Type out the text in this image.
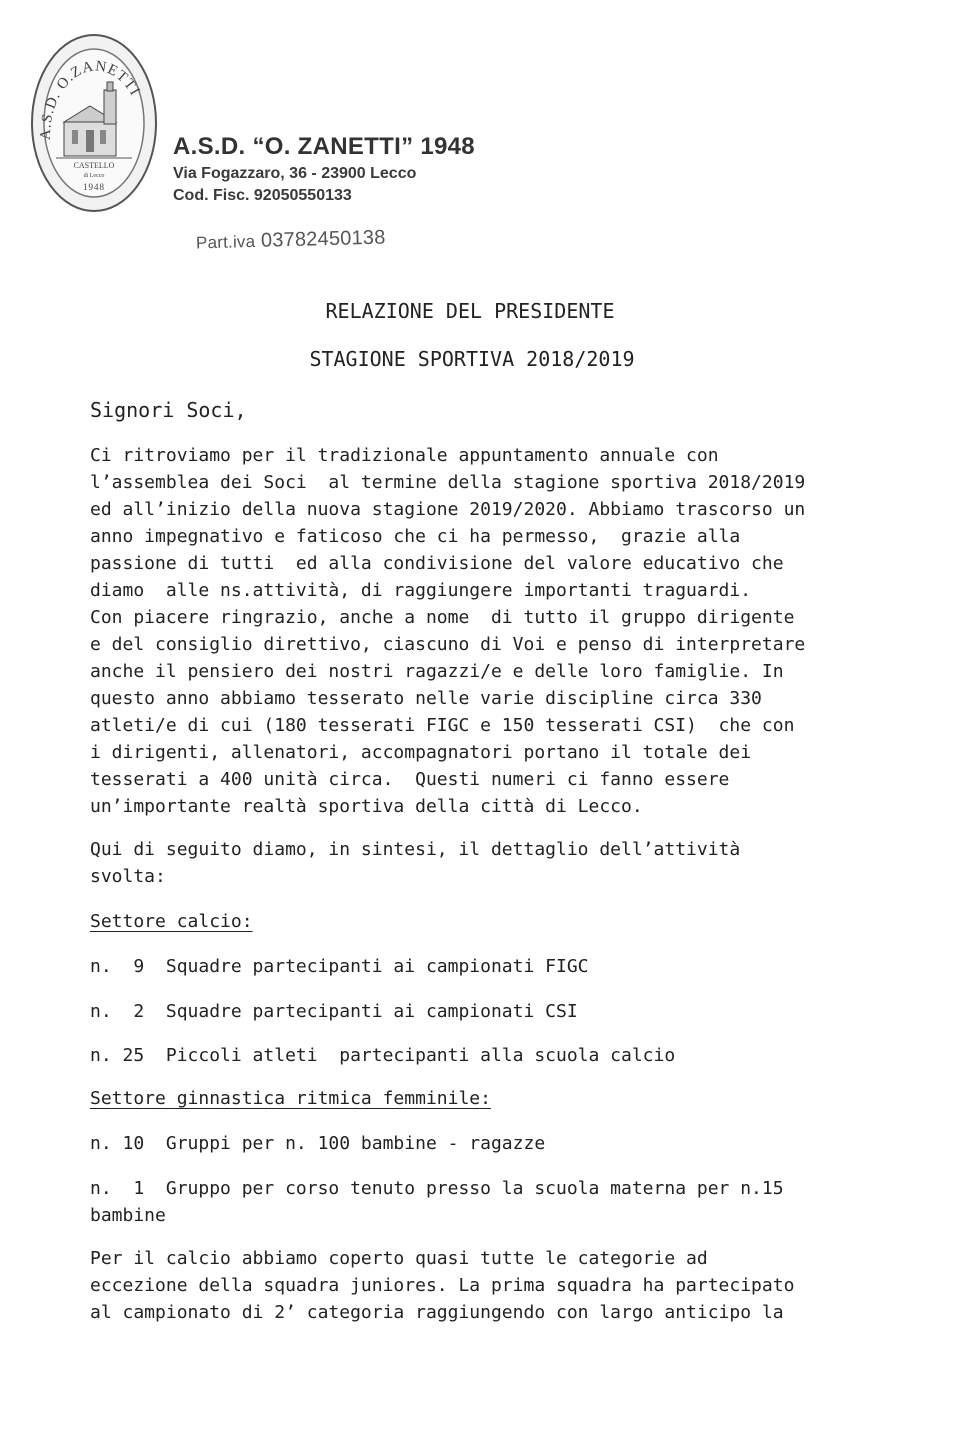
A.S.D. O.ZANETTI
CASTELLO
di Lecco
1948

A.S.D. “O. ZANETTI” 1948

Via Fogazzaro, 36 - 23900 Lecco

Cod. Fisc. 92050550133

Part.iva 03782450138
RELAZIONE DEL PRESIDENTE
STAGIONE SPORTIVA 2018/2019

Signori Soci,

Ci ritroviamo per il tradizionale appuntamento annuale con
l’assemblea dei Soci  al termine della stagione sportiva 2018/2019
ed all’inizio della nuova stagione 2019/2020. Abbiamo trascorso un
anno impegnativo e faticoso che ci ha permesso,  grazie alla
passione di tutti  ed alla condivisione del valore educativo che
diamo  alle ns.attività, di raggiungere importanti traguardi.
Con piacere ringrazio, anche a nome  di tutto il gruppo dirigente
e del consiglio direttivo, ciascuno di Voi e penso di interpretare
anche il pensiero dei nostri ragazzi/e e delle loro famiglie. In
questo anno abbiamo tesserato nelle varie discipline circa 330
atleti/e di cui (180 tesserati FIGC e 150 tesserati CSI)  che con
i dirigenti, allenatori, accompagnatori portano il totale dei
tesserati a 400 unità circa.  Questi numeri ci fanno essere
un’importante realtà sportiva della città di Lecco.

Qui di seguito diamo, in sintesi, il dettaglio dell’attività
svolta:

Settore calcio:

n.  9  Squadre partecipanti ai campionati FIGC

n.  2  Squadre partecipanti ai campionati CSI

n. 25  Piccoli atleti  partecipanti alla scuola calcio

Settore ginnastica ritmica femminile:

n. 10  Gruppi per n. 100 bambine - ragazze

n.  1  Gruppo per corso tenuto presso la scuola materna per n.15
bambine

Per il calcio abbiamo coperto quasi tutte le categorie ad
eccezione della squadra juniores. La prima squadra ha partecipato
al campionato di 2’ categoria raggiungendo con largo anticipo la
